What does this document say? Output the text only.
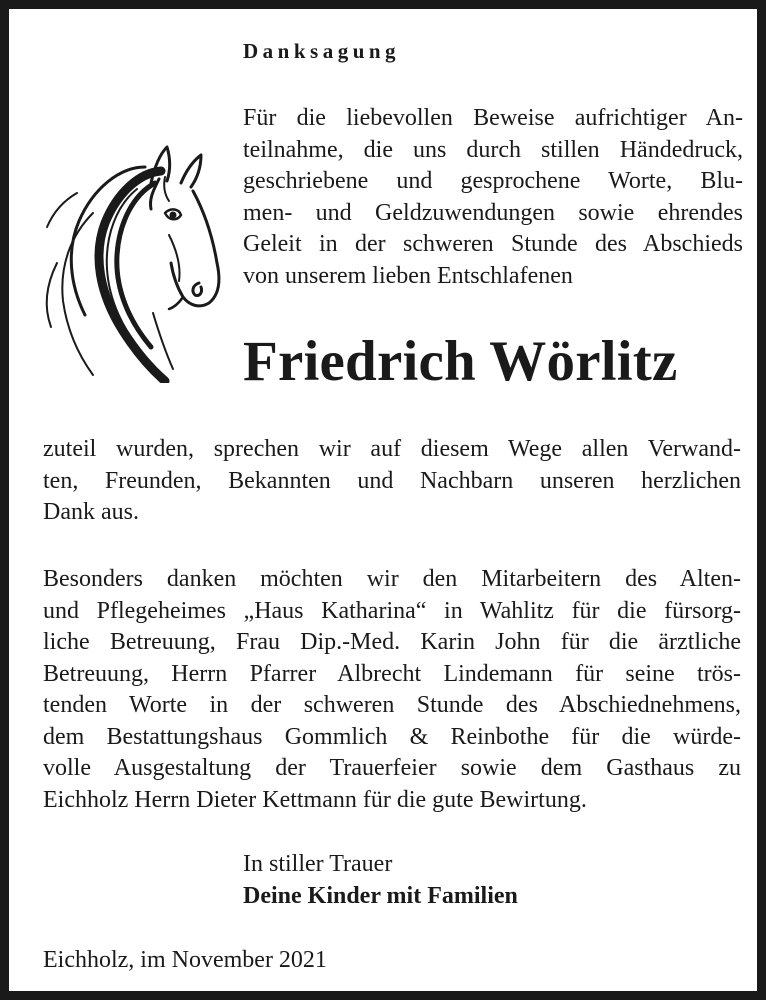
Danksagung
Für die liebevollen Beweise aufrichtiger An-
teilnahme, die uns durch stillen Händedruck,
geschriebene und gesprochene Worte, Blu-
men- und Geldzuwendungen sowie ehrendes
Geleit in der schweren Stunde des Abschieds
von unserem lieben Entschlafenen
Friedrich Wörlitz
zuteil wurden, sprechen wir auf diesem Wege allen Verwand-
ten, Freunden, Bekannten und Nachbarn unseren herzlichen
Dank aus.
Besonders danken möchten wir den Mitarbeitern des Alten-
und Pflegeheimes „Haus Katharina“ in Wahlitz für die fürsorg-
liche Betreuung, Frau Dip.-Med. Karin John für die ärztliche
Betreuung, Herrn Pfarrer Albrecht Lindemann für seine trös-
tenden Worte in der schweren Stunde des Abschiednehmens,
dem Bestattungshaus Gommlich & Reinbothe für die würde-
volle Ausgestaltung der Trauerfeier sowie dem Gasthaus zu
Eichholz Herrn Dieter Kettmann für die gute Bewirtung.
In stiller Trauer
Deine Kinder mit Familien
Eichholz, im November 2021
